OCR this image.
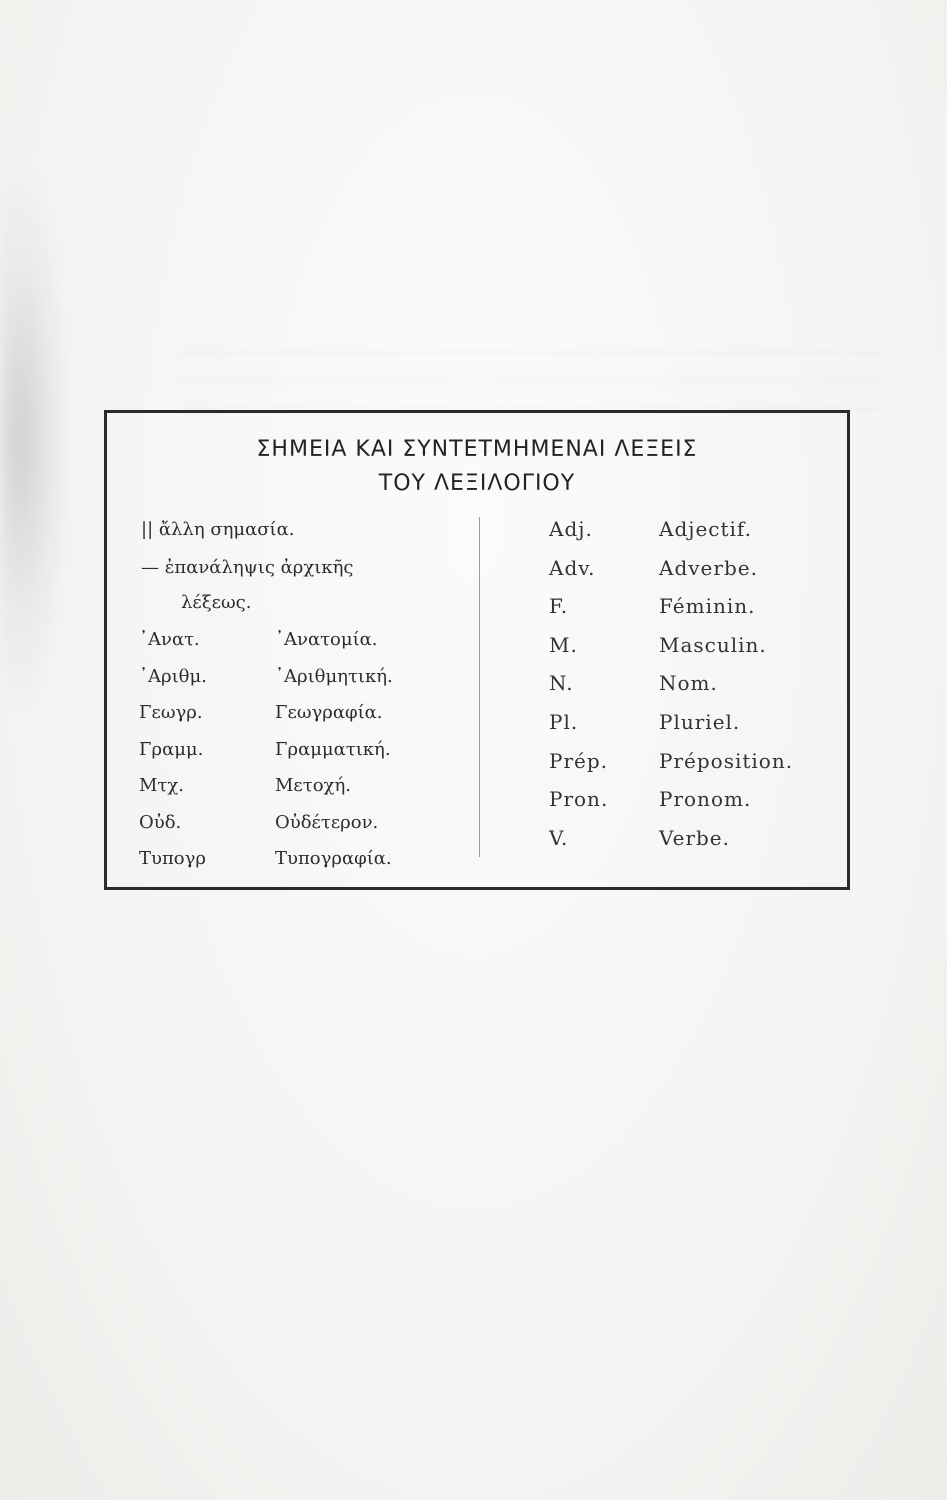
ΣΗΜΕΙΑ ΚΑΙ ΣΥΝΤΕΤΜΗΜΕΝΑΙ ΛΕΞΕΙΣ
ΤΟΥ ΛΕΞΙΛΟΓΙΟΥ
|| ἄλλη σημασία.
— ἐπανάληψις ἀρχικῆς
λέξεως.
᾿Ανατ.	᾿Ανατομία.
᾿Αριθμ.	᾿Αριθμητική.
Γεωγρ.	Γεωγραφία.
Γραμμ.	Γραμματική.
Μτχ.	Μετοχή.
Οὐδ.	Οὐδέτερον.
Τυπογρ	Τυπογραφία.
Adj.	Adjectif.
Adv.	Adverbe.
F.	Féminin.
M.	Masculin.
N.	Nom.
Pl.	Pluriel.
Prép.	Préposition.
Pron.	Pronom.
V.	Verbe.
